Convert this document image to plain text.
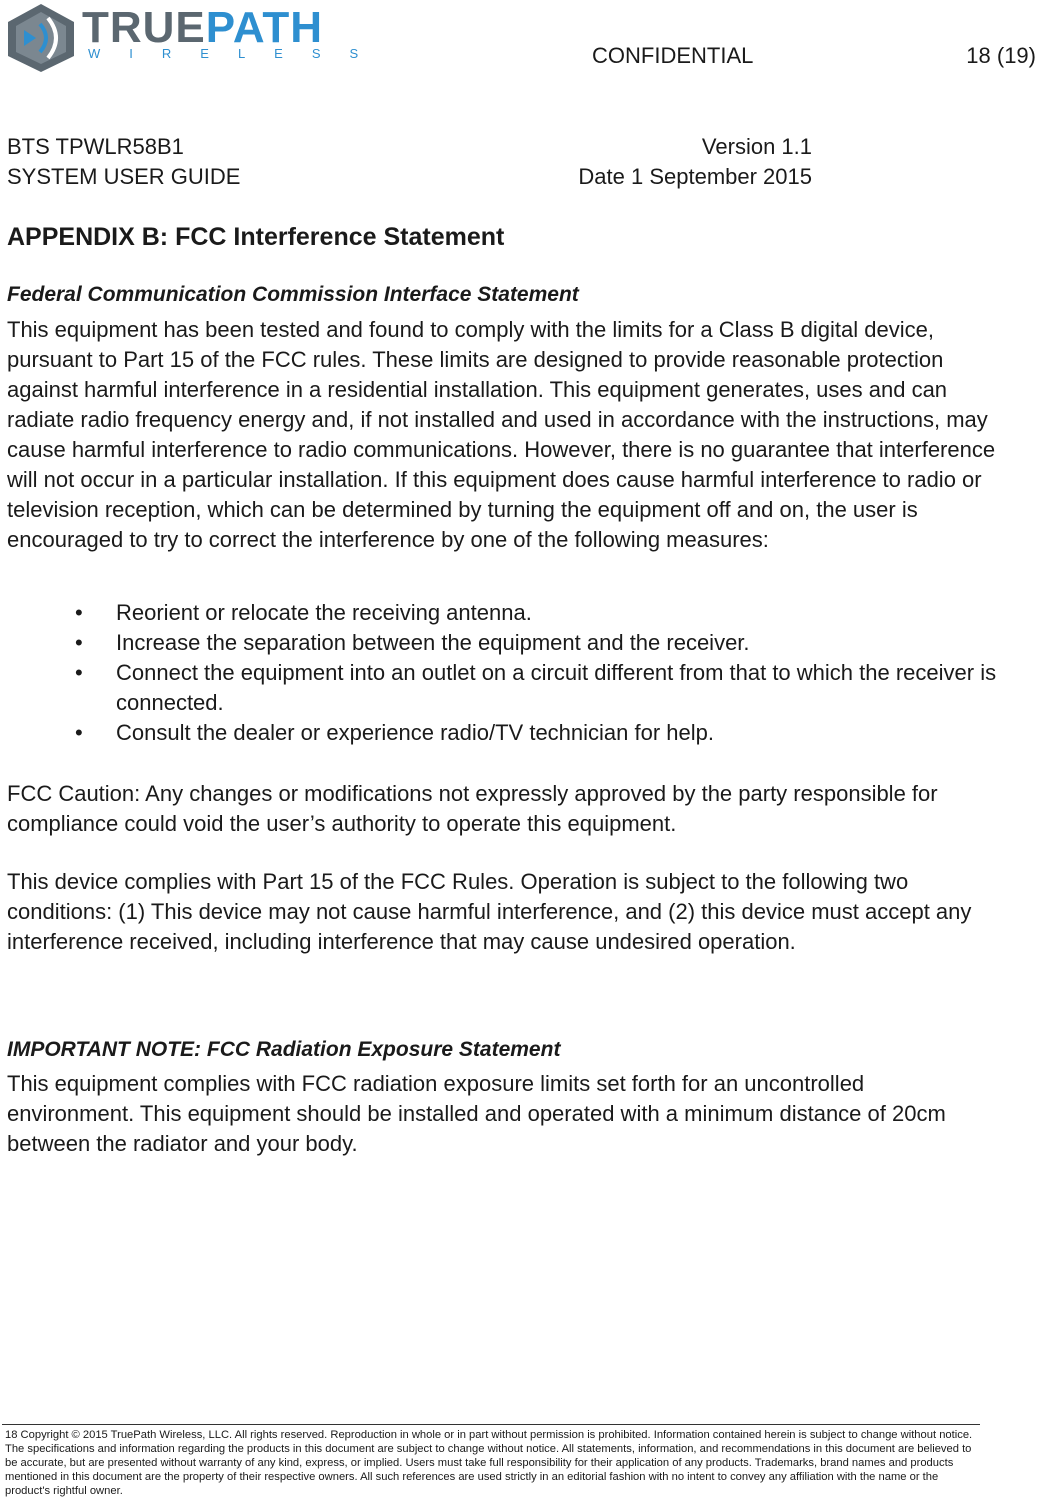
TRUEPATH
WIRELESS	CONFIDENTIAL	18 (19)
BTS TPWLR58B1
SYSTEM USER GUIDE
Version 1.1
Date 1 September 2015
APPENDIX B: FCC Interference Statement
Federal Communication Commission Interface Statement
This equipment has been tested and found to comply with the limits for a Class B digital device, pursuant to Part 15 of the FCC rules. These limits are designed to provide reasonable protection against harmful interference in a residential installation. This equipment generates, uses and can radiate radio frequency energy and, if not installed and used in accordance with the instructions, may cause harmful interference to radio communications. However, there is no guarantee that interference will not occur in a particular installation. If this equipment does cause harmful interference to radio or television reception, which can be determined by turning the equipment off and on, the user is encouraged to try to correct the interference by one of the following measures:
• Reorient or relocate the receiving antenna.
• Increase the separation between the equipment and the receiver.
• Connect the equipment into an outlet on a circuit different from that to which the receiver is connected.
• Consult the dealer or experience radio/TV technician for help.
FCC Caution: Any changes or modifications not expressly approved by the party responsible for compliance could void the user’s authority to operate this equipment.
This device complies with Part 15 of the FCC Rules. Operation is subject to the following two conditions: (1) This device may not cause harmful interference, and (2) this device must accept any interference received, including interference that may cause undesired operation.
IMPORTANT NOTE: FCC Radiation Exposure Statement
This equipment complies with FCC radiation exposure limits set forth for an uncontrolled environment. This equipment should be installed and operated with a minimum distance of 20cm between the radiator and your body.
18 Copyright © 2015 TruePath Wireless, LLC. All rights reserved. Reproduction in whole or in part without permission is prohibited. Information contained herein is subject to change without notice. The specifications and information regarding the products in this document are subject to change without notice. All statements, information, and recommendations in this document are believed to be accurate, but are presented without warranty of any kind, express, or implied. Users must take full responsibility for their application of any products. Trademarks, brand names and products mentioned in this document are the property of their respective owners. All such references are used strictly in an editorial fashion with no intent to convey any affiliation with the name or the product's rightful owner.
